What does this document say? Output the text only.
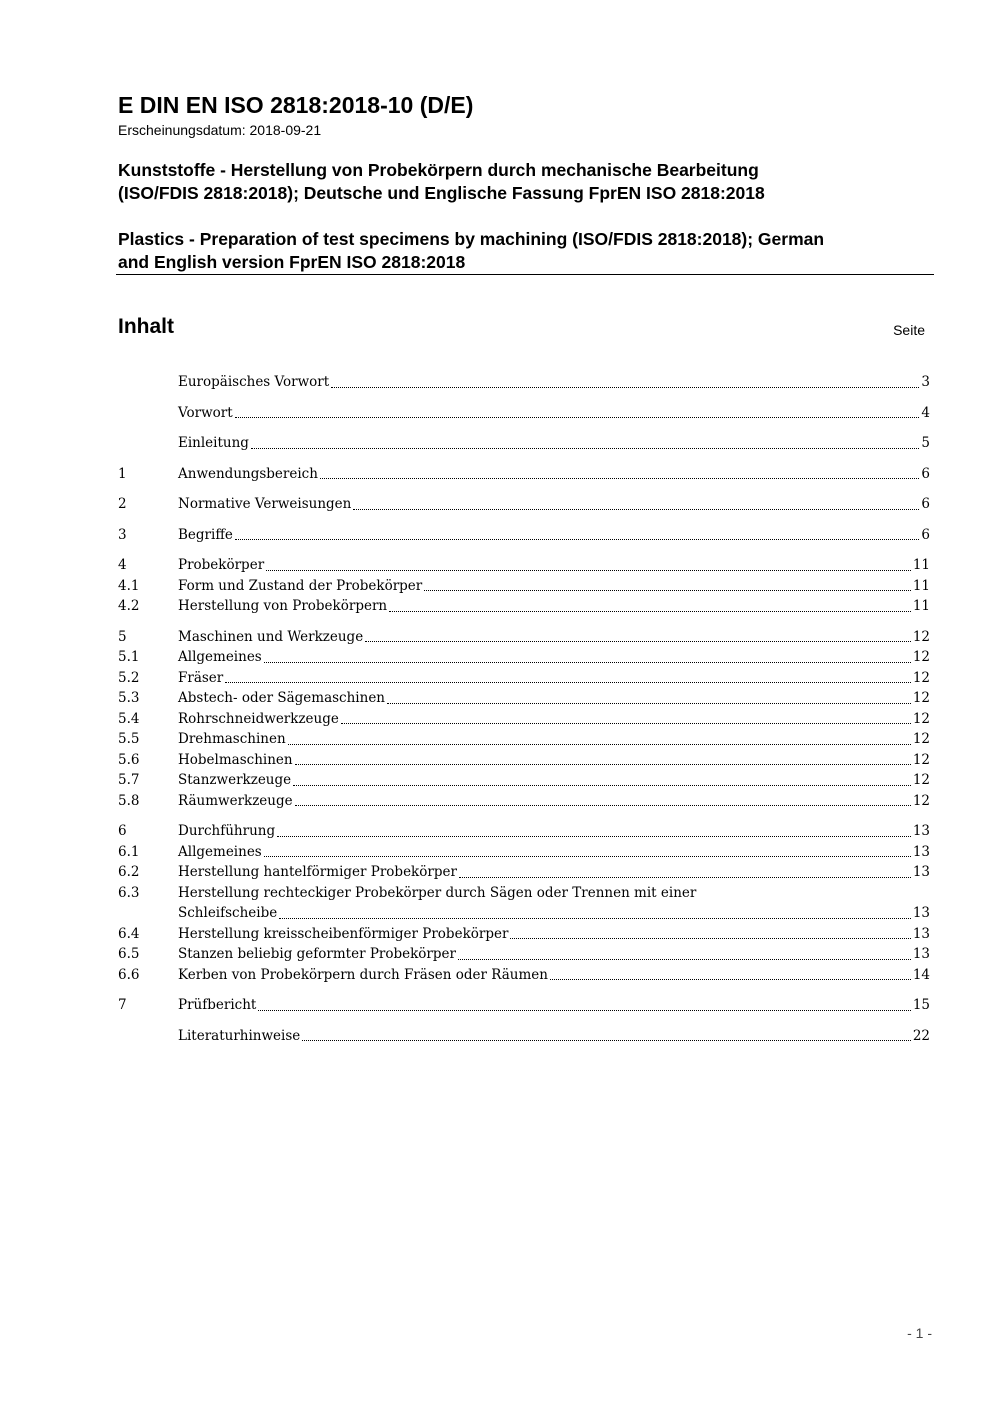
E DIN EN ISO 2818:2018-10 (D/E)

Erscheinungsdatum: 2018-09-21

Kunststoffe - Herstellung von Probekörpern durch mechanische Bearbeitung
(ISO/FDIS 2818:2018); Deutsche und Englische Fassung FprEN ISO 2818:2018
Plastics - Preparation of test specimens by machining (ISO/FDIS 2818:2018); German
and English version FprEN ISO 2818:2018
Inhalt	Seite
Europäisches Vorwort	3
Vorwort	4
Einleitung	5
1	Anwendungsbereich	6
2	Normative Verweisungen	6
3	Begriffe	6
4	Probekörper	11
4.1	Form und Zustand der Probekörper	11
4.2	Herstellung von Probekörpern	11
5	Maschinen und Werkzeuge	12
5.1	Allgemeines	12
5.2	Fräser	12
5.3	Abstech- oder Sägemaschinen	12
5.4	Rohrschneidwerkzeuge	12
5.5	Drehmaschinen	12
5.6	Hobelmaschinen	12
5.7	Stanzwerkzeuge	12
5.8	Räumwerkzeuge	12
6	Durchführung	13
6.1	Allgemeines	13
6.2	Herstellung hantelförmiger Probekörper	13
6.3	Herstellung rechteckiger Probekörper durch Sägen oder Trennen mit einer
Schleifscheibe	13
6.4	Herstellung kreisscheibenförmiger Probekörper	13
6.5	Stanzen beliebig geformter Probekörper	13
6.6	Kerben von Probekörpern durch Fräsen oder Räumen	14
7	Prüfbericht	15
Literaturhinweise	22
- 1 -
